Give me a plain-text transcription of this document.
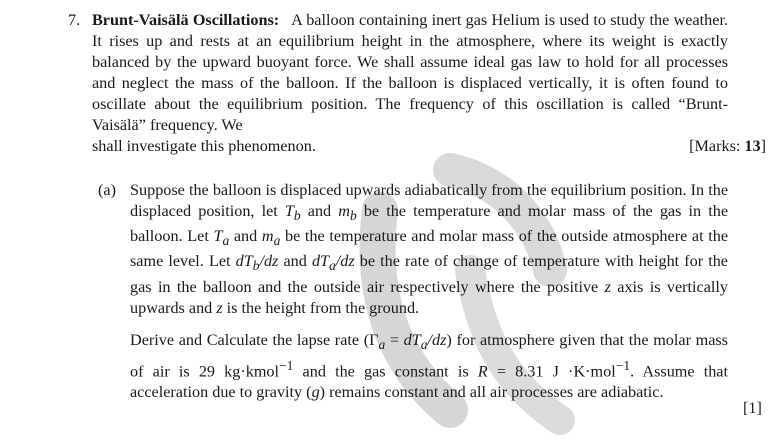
7. Brunt-Vaisälä Oscillations: A balloon containing inert gas Helium is used to study the weather. It rises up and rests at an equilibrium height in the atmosphere, where its weight is exactly balanced by the upward buoyant force. We shall assume ideal gas law to hold for all processes and neglect the mass of the balloon. If the balloon is displaced vertically, it is often found to oscillate about the equilibrium position. The frequency of this oscillation is called “Brunt-Vaisälä” frequency. We
shall investigate this phenomenon.	[Marks: 13]
(a) Suppose the balloon is displaced upwards adiabatically from the equilibrium position. In the displaced position, let $T_b$ and $m_b$ be the temperature and molar mass of the gas in the balloon. Let $T_a$ and $m_a$ be the temperature and molar mass of the outside atmosphere at the same level. Let $dT_b/dz$ and $dT_a/dz$ be the rate of change of temperature with height for the gas in the balloon and the outside air respectively where the positive z axis is vertically upwards and z is the height from the ground.

Derive and Calculate the lapse rate $(\Gamma_a = dT_a/dz)$ for atmosphere given that the molar mass of air is 29 kg·kmol$^{-1}$ and the gas constant is R = 8.31 J ·K·mol$^{-1}$. Assume that acceleration due to gravity (g) remains constant and all air processes are adiabatic.

[1]
